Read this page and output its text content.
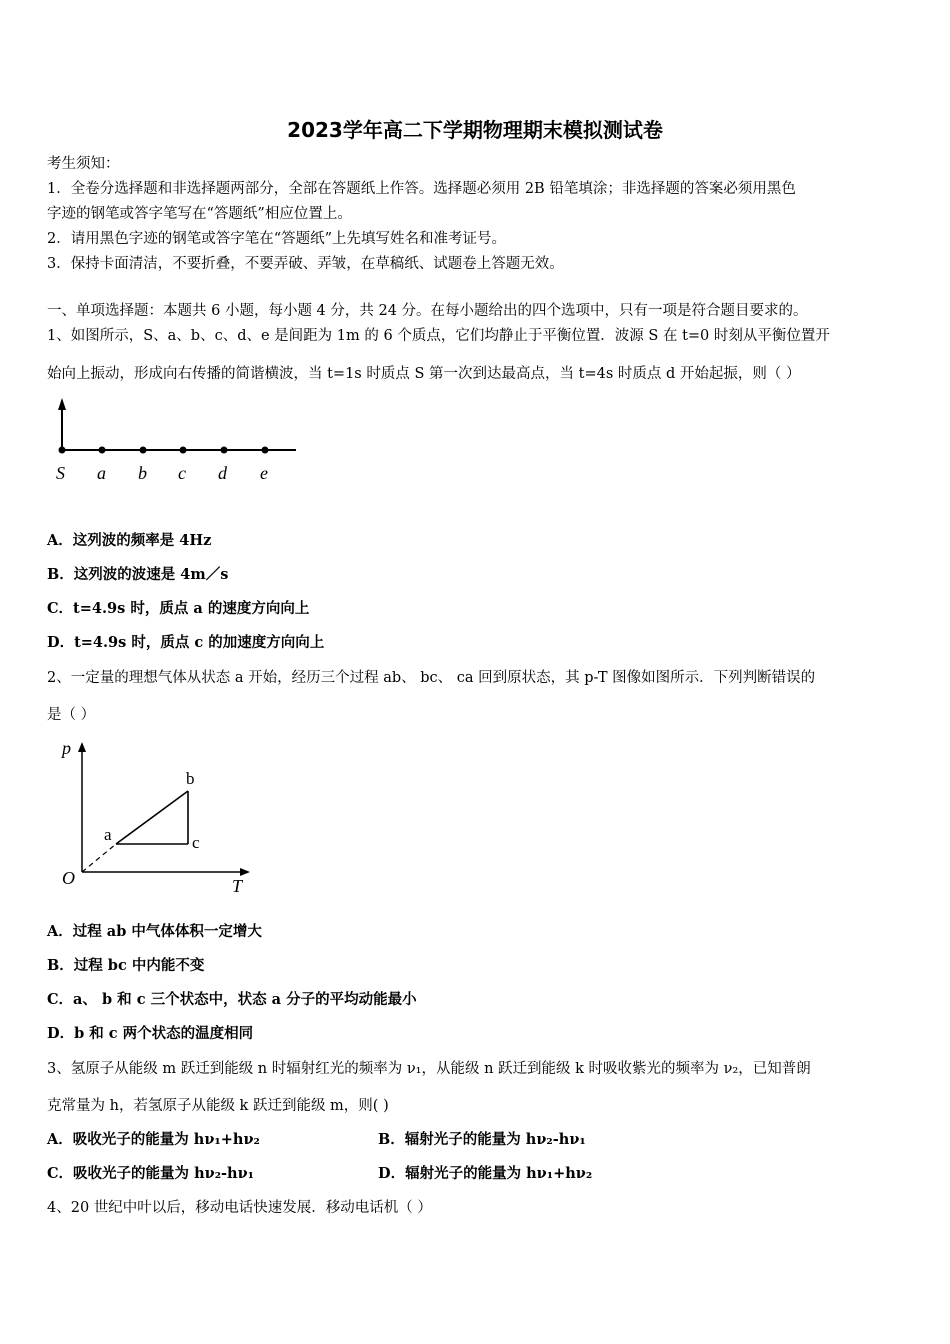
2023学年高二下学期物理期末模拟测试卷
考生须知：
1．全卷分选择题和非选择题两部分，全部在答题纸上作答。选择题必须用 2B 铅笔填涂；非选择题的答案必须用黑色
字迹的钢笔或答字笔写在“答题纸”相应位置上。
2．请用黑色字迹的钢笔或答字笔在“答题纸”上先填写姓名和准考证号。
3．保持卡面清洁，不要折叠，不要弄破、弄皱，在草稿纸、试题卷上答题无效。
一、单项选择题：本题共 6 小题，每小题 4 分，共 24 分。在每小题给出的四个选项中，只有一项是符合题目要求的。
1、如图所示，S、a、b、c、d、e 是间距为 1m 的 6 个质点，它们均静止于平衡位置．波源 S 在 t=0 时刻从平衡位置开
始向上振动，形成向右传播的简谐横波，当 t=1s 时质点 S 第一次到达最高点，当 t=4s 时质点 d 开始起振，则（ ）
S a b c d e
A．这列波的频率是 4Hz
B．这列波的波速是 4m／s
C．t=4.9s 时，质点 a 的速度方向向上
D．t=4.9s 时，质点 c 的加速度方向向上
2、一定量的理想气体从状态 a 开始，经历三个过程 ab、 bc、 ca 回到原状态，其 p-T 图像如图所示．下列判断错误的
是（ ）
p
T
O
a
b
c
A．过程 ab 中气体体积一定增大
B．过程 bc 中内能不变
C．a、 b 和 c 三个状态中，状态 a 分子的平均动能最小
D．b 和 c 两个状态的温度相同
3、氢原子从能级 m 跃迁到能级 n 时辐射红光的频率为 ν₁，从能级 n 跃迁到能级 k 时吸收紫光的频率为 ν₂，已知普朗
克常量为 h，若氢原子从能级 k 跃迁到能级 m，则( )
A．吸收光子的能量为 hν₁+hν₂	B．辐射光子的能量为 hν₂-hν₁
C．吸收光子的能量为 hν₂-hν₁	D．辐射光子的能量为 hν₁+hν₂
4、20 世纪中叶以后，移动电话快速发展．移动电话机（ ）
